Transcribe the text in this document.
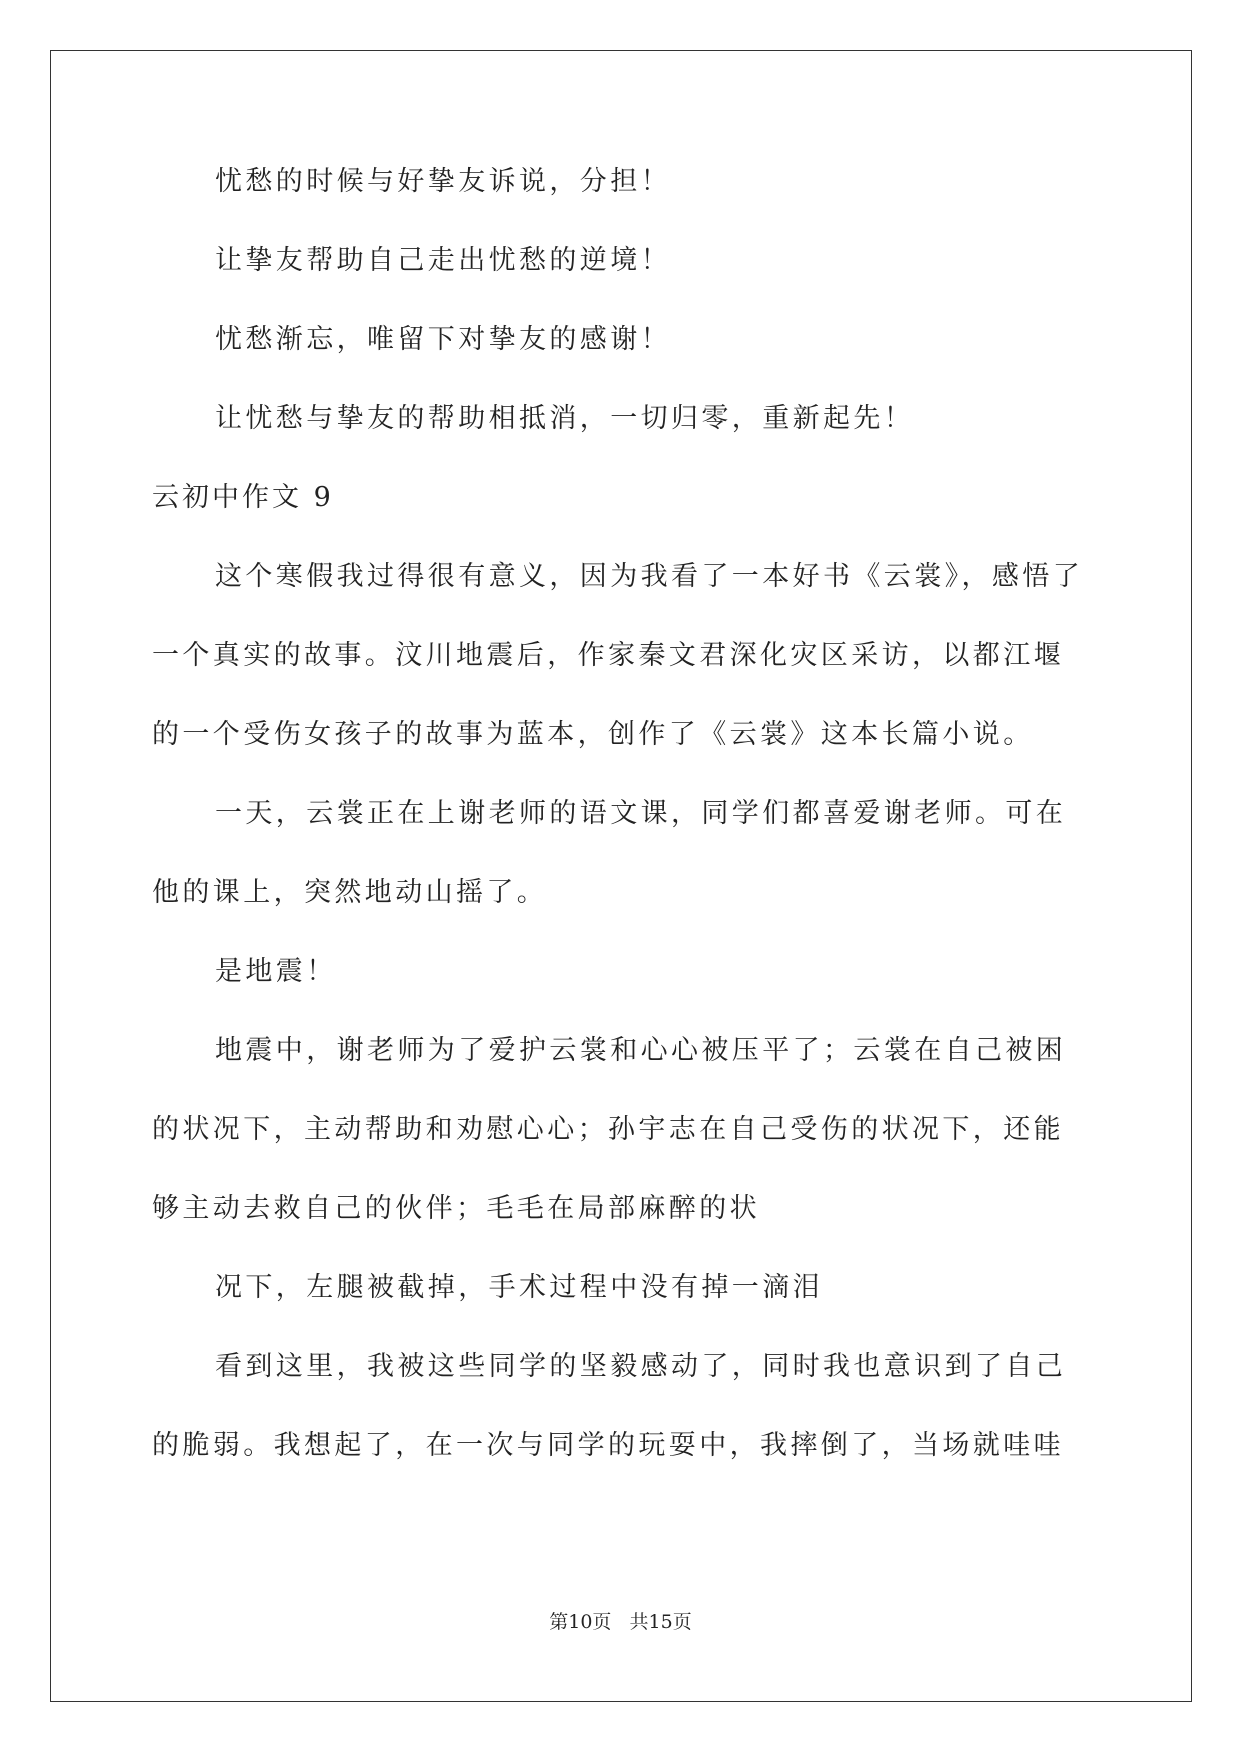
忧愁的时候与好挚友诉说，分担！
让挚友帮助自己走出忧愁的逆境！
忧愁渐忘，唯留下对挚友的感谢！
让忧愁与挚友的帮助相抵消，一切归零，重新起先！
云初中作文 9
这个寒假我过得很有意义，因为我看了一本好书《云裳》，感悟了
一个真实的故事。汶川地震后，作家秦文君深化灾区采访，以都江堰
的一个受伤女孩子的故事为蓝本，创作了《云裳》这本长篇小说。
一天，云裳正在上谢老师的语文课，同学们都喜爱谢老师。可在
他的课上，突然地动山摇了。
是地震！
地震中，谢老师为了爱护云裳和心心被压平了；云裳在自己被困
的状况下，主动帮助和劝慰心心；孙宇志在自己受伤的状况下，还能
够主动去救自己的伙伴；毛毛在局部麻醉的状
况下，左腿被截掉，手术过程中没有掉一滴泪
看到这里，我被这些同学的坚毅感动了，同时我也意识到了自己
的脆弱。我想起了，在一次与同学的玩耍中，我摔倒了，当场就哇哇
第10页   共15页
